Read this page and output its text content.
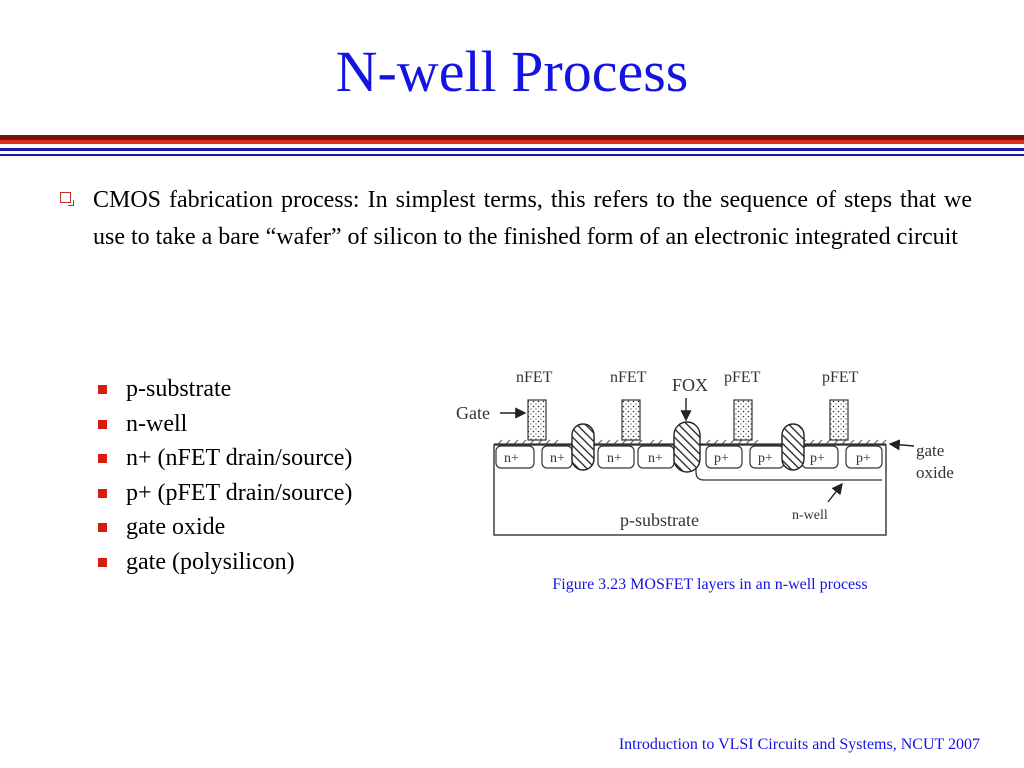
N-well Process
CMOS fabrication process: In simplest terms, this refers to the sequence of steps that we use to take a bare “wafer” of silicon to the finished form of an electronic integrated circuit
p-substrate
n-well
n+ (nFET drain/source)
p+ (pFET drain/source)
gate oxide
gate (polysilicon)
n+ n+	n+ n+	p+ p+	p+ p+
nFET	nFET FOX pFET	pFET
Gate
gate
oxide
n-well
p-substrate
Figure 3.23 MOSFET layers in an n-well process
Introduction to VLSI Circuits and Systems, NCUT 2007
